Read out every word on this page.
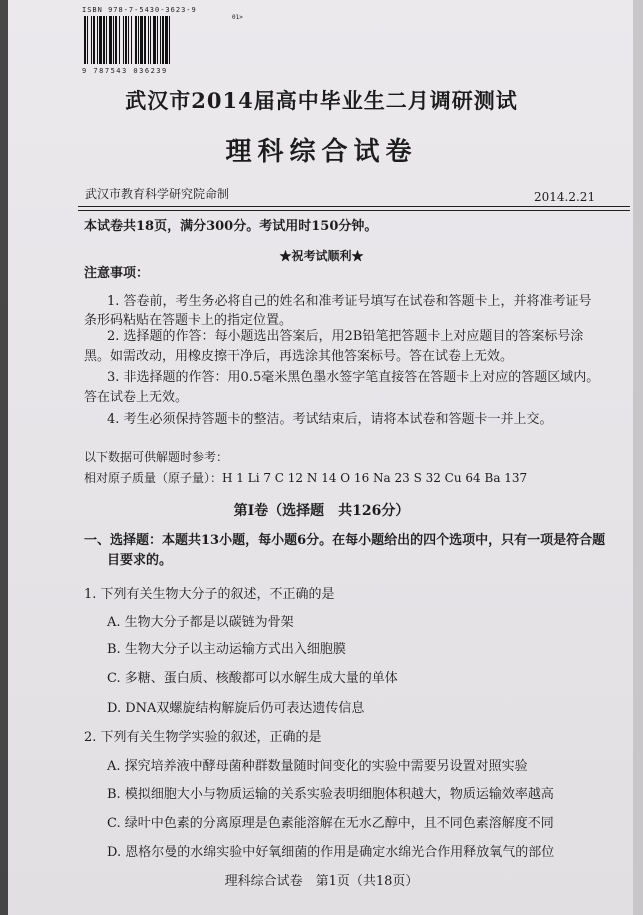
ISBN 978-7-5430-3623-9
01>
9 787543 036239
武汉市2014届高中毕业生二月调研测试
理科综合试卷
武汉市教育科学研究院命制	2014.2.21
本试卷共18页，满分300分。考试用时150分钟。
★祝考试顺利★
注意事项：
1. 答卷前，考生务必将自己的姓名和准考证号填写在试卷和答题卡上，并将准考证号
条形码粘贴在答题卡上的指定位置。
2. 选择题的作答：每小题选出答案后，用2B铅笔把答题卡上对应题目的答案标号涂
黑。如需改动，用橡皮擦干净后，再选涂其他答案标号。答在试卷上无效。
3. 非选择题的作答：用0.5毫米黑色墨水签字笔直接答在答题卡上对应的答题区域内。
答在试卷上无效。
4. 考生必须保持答题卡的整洁。考试结束后，请将本试卷和答题卡一并上交。
以下数据可供解题时参考：
相对原子质量（原子量）：H 1 Li 7 C 12 N 14 O 16 Na 23 S 32 Cu 64 Ba 137
第Ⅰ卷（选择题　共126分）
一、选择题：本题共13小题，每小题6分。在每小题给出的四个选项中，只有一项是符合题
目要求的。
1. 下列有关生物大分子的叙述，不正确的是
A. 生物大分子都是以碳链为骨架
B. 生物大分子以主动运输方式出入细胞膜
C. 多糖、蛋白质、核酸都可以水解生成大量的单体
D. DNA双螺旋结构解旋后仍可表达遗传信息
2. 下列有关生物学实验的叙述，正确的是
A. 探究培养液中酵母菌种群数量随时间变化的实验中需要另设置对照实验
B. 模拟细胞大小与物质运输的关系实验表明细胞体积越大，物质运输效率越高
C. 绿叶中色素的分离原理是色素能溶解在无水乙醇中，且不同色素溶解度不同
D. 恩格尔曼的水绵实验中好氧细菌的作用是确定水绵光合作用释放氧气的部位
理科综合试卷　第1页（共18页）
